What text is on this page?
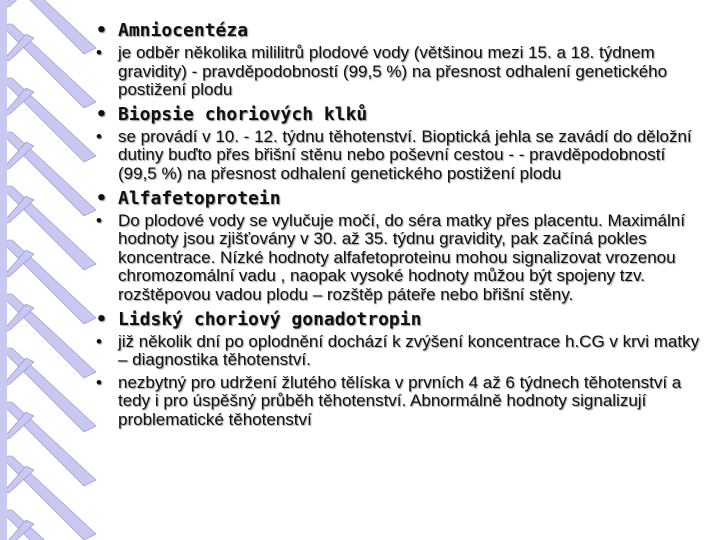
• Amniocentéza
• je odběr několika mililitrů plodové vody (většinou mezi 15. a 18. týdnem gravidity) - pravděpodobností (99,5 %) na přesnost odhalení genetického postižení plodu
• Biopsie choriových klků
• se provádí v 10. - 12. týdnu těhotenství. Bioptická jehla se zavádí do děložní dutiny buďto přes břišní stěnu nebo poševní cestou - - pravděpodobností (99,5 %) na přesnost odhalení genetického postižení plodu
• Alfafetoprotein
• Do plodové vody se vylučuje močí, do séra matky přes placentu. Maximální hodnoty jsou zjišťovány v 30. až 35. týdnu gravidity, pak začíná pokles koncentrace. Nízké hodnoty alfafetoproteinu mohou signalizovat vrozenou chromozomální vadu , naopak vysoké hodnoty můžou být spojeny tzv. rozštěpovou vadou plodu – rozštěp páteře nebo břišní stěny.
• Lidský choriový gonadotropin
• již několik dní po oplodnění dochází k zvýšení koncentrace h.CG v krvi matky – diagnostika těhotenství.
• nezbytný pro udržení žlutého tělíska v prvních 4 až 6 týdnech těhotenství a tedy i pro úspěšný průběh těhotenství. Abnormálně hodnoty signalizují problematické těhotenství
